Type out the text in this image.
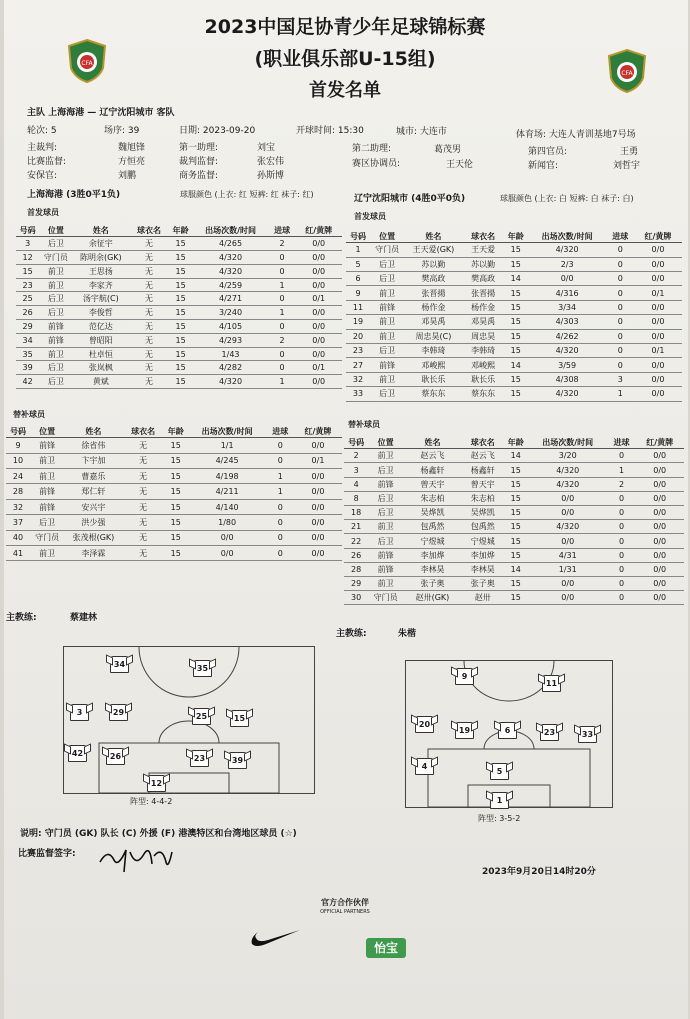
CFA
CFA
2023中国足协青少年足球锦标赛
(职业俱乐部U-15组)
首发名单
主队 上海海港 — 辽宁沈阳城市 客队
轮次: 5	场序: 39	日期: 2023-09-20	开球时间: 15:30	城市: 大连市	体育场: 大连人青训基地7号场
主裁判:	魏旭锋	第一助理:	刘宝	第二助理:	葛茂男	第四官员:	王勇
比赛监督:	方恒亮	裁判监督:	张宏伟	赛区协调员:	王天伦
安保官:	刘鹏	商务监督:	孙斯博
新闻官:	刘哲宇
上海海港 (3胜0平1负)	球服颜色 (上衣: 红 短裤: 红 袜子: 红)
首发球员
辽宁沈阳城市 (4胜0平0负)	球服颜色 (上衣: 白 短裤: 白 袜子: 白)
首发球员
号码	位置	姓名	球衣名	年龄	出场次数/时间	进球	红/黄牌
3	后卫	余征宇	无	15	4/265	2	0/0
12	守门员	陈明余(GK)	无	15	4/320	0	0/0
15	前卫	王思扬	无	15	4/320	0	0/0
23	前卫	李家齐	无	15	4/259	1	0/0
25	后卫	汤宇航(C)	无	15	4/271	0	0/1
26	后卫	李俊哲	无	15	3/240	1	0/0
29	前锋	范亿达	无	15	4/105	0	0/0
34	前锋	曾昭阳	无	15	4/293	2	0/0
35	前卫	杜卓恒	无	15	1/43	0	0/0
39	后卫	张岚枫	无	15	4/282	0	0/1
42	后卫	黄斌	无	15	4/320	1	0/0
号码	位置	姓名	球衣名	年龄	出场次数/时间	进球	红/黄牌
1	守门员	王天爱(GK)	王天爱	15	4/320	0	0/0
5	后卫	苏以勤	苏以勤	15	2/3	0	0/0
6	后卫	樊高政	樊高政	14	0/0	0	0/0
9	前卫	张晋揚	张晋揚	15	4/316	0	0/1
11	前锋	杨作金	杨作金	15	3/34	0	0/0
19	前卫	邓昊禹	邓昊禹	15	4/303	0	0/0
20	前卫	周忠昊(C)	周忠昊	15	4/262	0	0/0
23	后卫	李韩琦	李韩琦	15	4/320	0	0/1
27	前锋	邓峻熙	邓峻熙	14	3/59	0	0/0
32	前卫	耿长乐	耿长乐	15	4/308	3	0/0
33	后卫	蔡东东	蔡东东	15	4/320	1	0/0
替补球员
替补球员
号码	位置	姓名	球衣名	年龄	出场次数/时间	进球	红/黄牌
9	前锋	徐省伟	无	15	1/1	0	0/0
10	前卫	卞宇加	无	15	4/245	0	0/1
24	前卫	曹嘉乐	无	15	4/198	1	0/0
28	前锋	郑仁轩	无	15	4/211	1	0/0
32	前锋	安兴宇	无	15	4/140	0	0/0
37	后卫	洪少强	无	15	1/80	0	0/0
40	守门员	张茂根(GK)	无	15	0/0	0	0/0
41	前卫	李泽霖	无	15	0/0	0	0/0
号码	位置	姓名	球衣名	年龄	出场次数/时间	进球	红/黄牌
2	前卫	赵云飞	赵云飞	14	3/20	0	0/0
3	后卫	杨鑫轩	杨鑫轩	15	4/320	1	0/0
4	前锋	曾天宇	曾天宇	15	4/320	2	0/0
8	后卫	朱志柏	朱志柏	15	0/0	0	0/0
18	后卫	吴烨凯	吴烨凯	15	0/0	0	0/0
21	前卫	包禹然	包禹然	15	4/320	0	0/0
22	后卫	宁煜城	宁煜城	15	0/0	0	0/0
26	前锋	李加烨	李加烨	15	4/31	0	0/0
28	前锋	李林昊	李林昊	14	1/31	0	0/0
29	前卫	张子奥	张子奥	15	0/0	0	0/0
30	守门员	赵卅(GK)	赵卅	15	0/0	0	0/0
主教练:	蔡建林
主教练:	朱楷
34	35
3	29	25	15
42	26	23	39
12
阵型: 4-4-2
9
11
20
19	6	23	33
4
5
1
阵型: 3-5-2
说明: 守门员 (GK) 队长 (C) 外援 (F) 港澳特区和台湾地区球员 (☆)
比赛监督签字:
2023年9月20日14时20分
官方合作伙伴
OFFICIAL PARTNERS
怡宝
